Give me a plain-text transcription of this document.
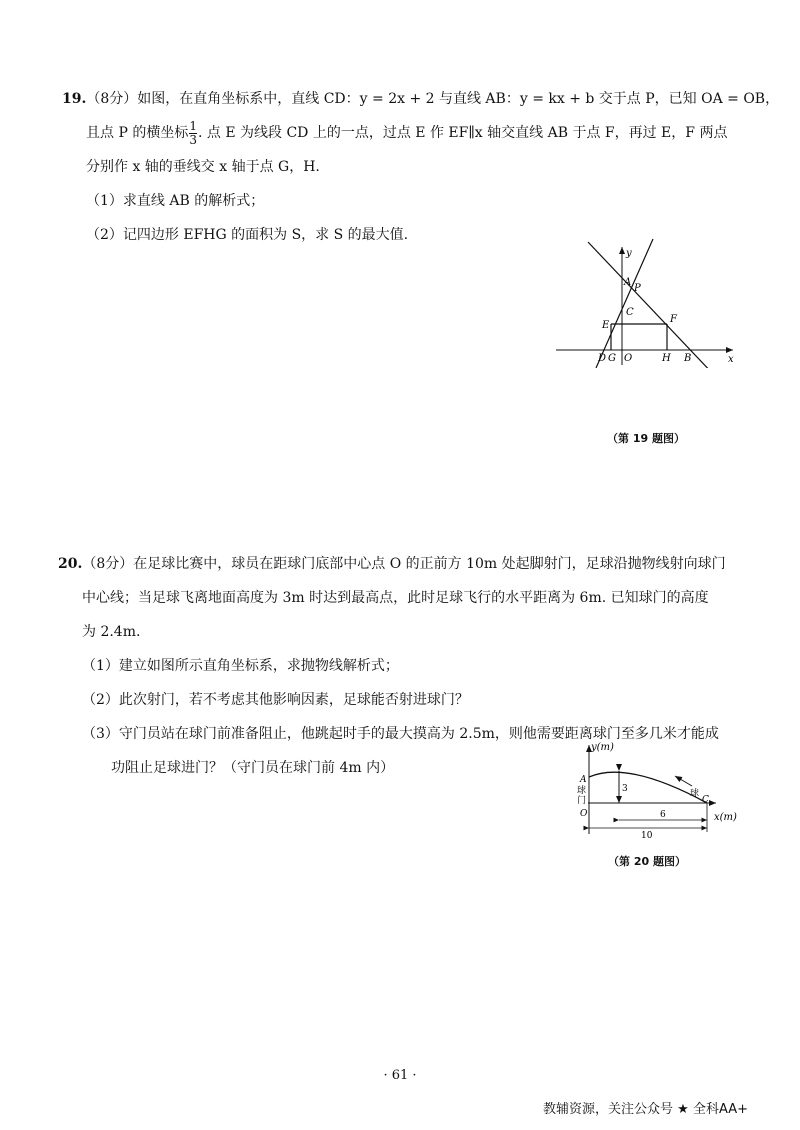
19.（8分）如图，在直角坐标系中，直线 CD：y = 2x + 2 与直线 AB：y = kx + b 交于点 P，已知 OA = OB，
且点 P 的横坐标 $\frac{1}{3}$ . 点 E 为线段 CD 上的一点，过点 E 作 EF∥x 轴交直线 AB 于点 F，再过 E，F 两点
分别作 x 轴的垂线交 x 轴于点 G，H.
（1）求直线 AB 的解析式；
（2）记四边形 EFHG 的面积为 S，求 S 的最大值.
y
x
A
P
C
E
F
D G O	H B
（第 19 题图）
20.（8分）在足球比赛中，球员在距球门底部中心点 O 的正前方 10m 处起脚射门，足球沿抛物线射向球门
中心线；当足球飞离地面高度为 3m 时达到最高点，此时足球飞行的水平距离为 6m. 已知球门的高度
为 2.4m.
（1）建立如图所示直角坐标系，求抛物线解析式；
（2）此次射门，若不考虑其他影响因素，足球能否射进球门？
（3）守门员站在球门前准备阻止，他跳起时手的最大摸高为 2.5m，则他需要距离球门至多几米才能成
功阻止足球进门？（守门员在球门前 4m 内）
y(m)
x(m)
A
球
门
O
3
6
10
球
C
（第 20 题图）
· 61 ·
教辅资源，关注公众号 ★ 全科AA+
